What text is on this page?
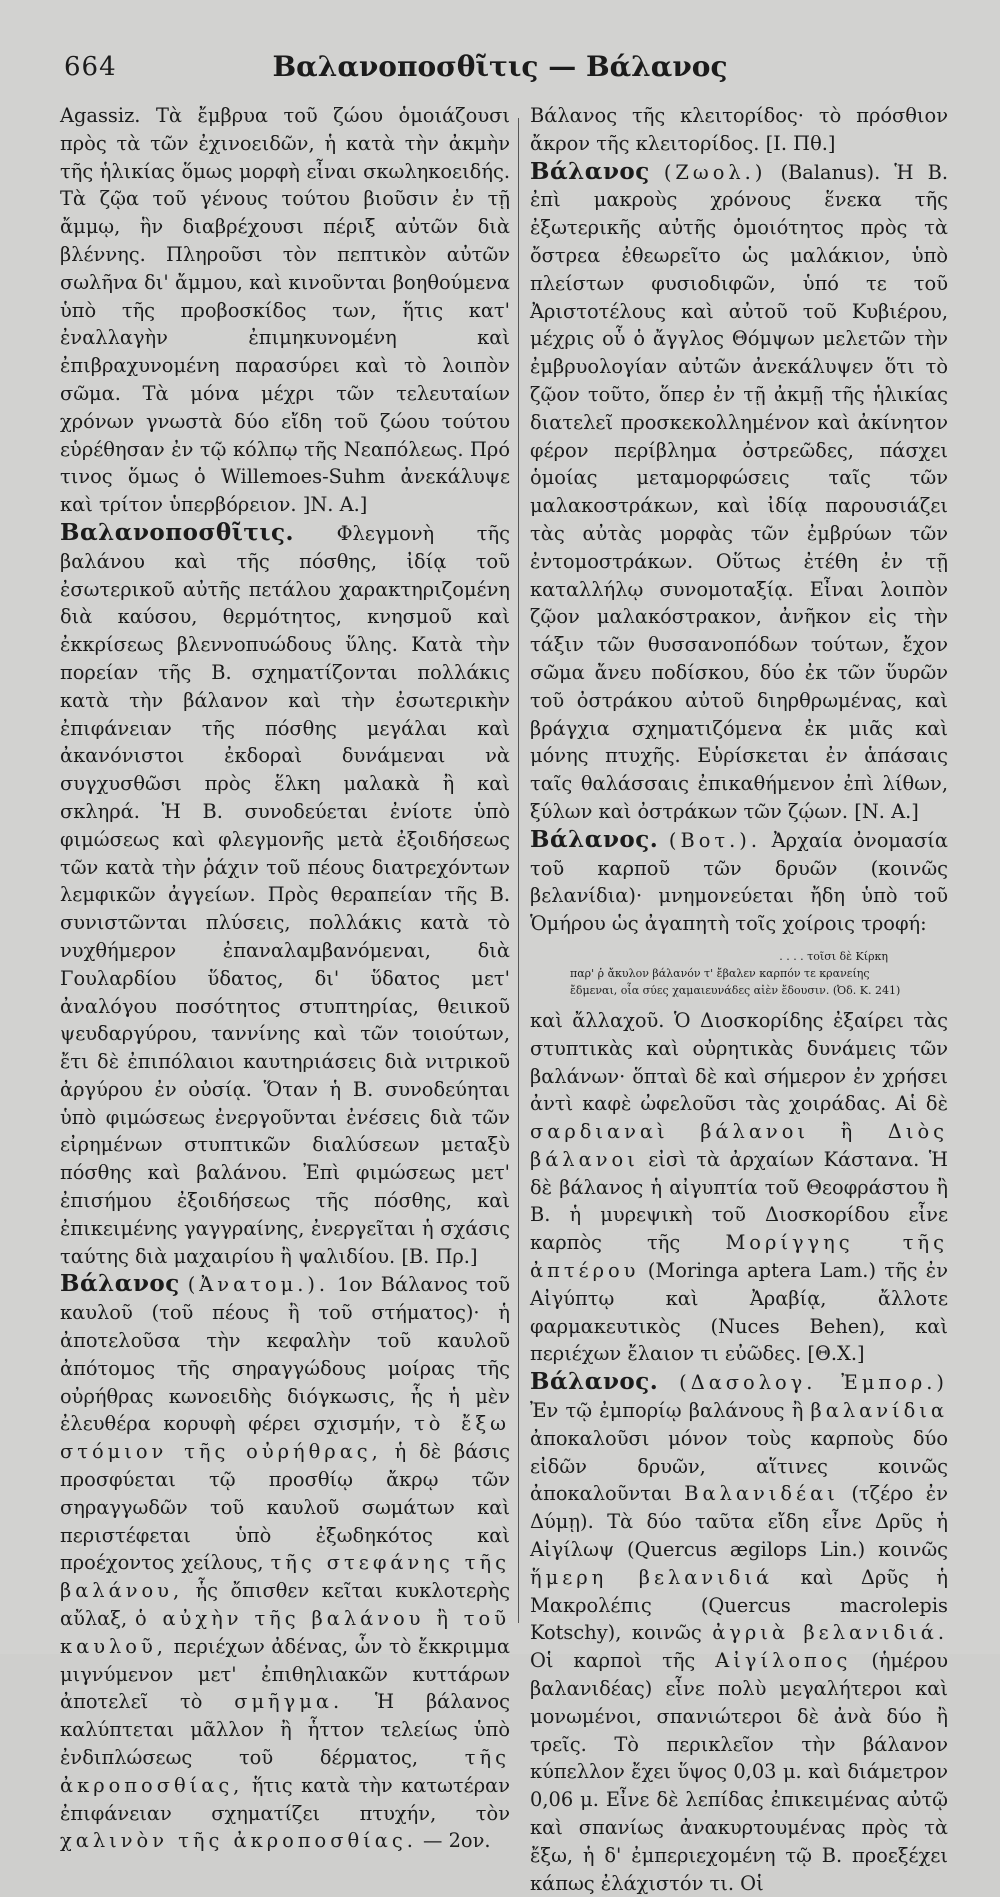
664	Βαλανοποσθῖτις — Βάλανος

Agassiz. Τὰ ἔμβρυα τοῦ ζώου ὁμοιάζουσι πρὸς τὰ τῶν ἐχινοειδῶν, ἡ κατὰ τὴν ἀκμὴν τῆς ἡλικίας ὅμως μορφὴ εἶναι σκωληκοειδής. Τὰ ζῷα τοῦ γένους τούτου βιοῦσιν ἐν τῇ ἄμμῳ, ἣν διαβρέχουσι πέριξ αὐτῶν διὰ βλέννης. Πληροῦσι τὸν πεπτικὸν αὐτῶν σωλῆνα δι' ἄμμου, καὶ κινοῦνται βοηθούμενα ὑπὸ τῆς προβοσκίδος των, ἥτις κατ' ἐναλλαγὴν ἐπιμηκυνομένη καὶ ἐπιβραχυνομένη παρασύρει καὶ τὸ λοιπὸν σῶμα. Τὰ μόνα μέχρι τῶν τελευταίων χρόνων γνωστὰ δύο εἴδη τοῦ ζώου τούτου εὑρέθησαν ἐν τῷ κόλπῳ τῆς Νεαπόλεως. Πρό τινος ὅμως ὁ Willemoes-Suhm ἀνεκάλυψε καὶ τρίτον ὑπερβόρειον. ]Ν. Α.]

Βαλανοποσθῖτις. Φλεγμονὴ τῆς βαλάνου καὶ τῆς πόσθης, ἰδίᾳ τοῦ ἐσωτερικοῦ αὐτῆς πετάλου χαρακτηριζομένη διὰ καύσου, θερμότητος, κνησμοῦ καὶ ἐκκρίσεως βλεννοπυώδους ὕλης. Κατὰ τὴν πορείαν τῆς Β. σχηματίζονται πολλάκις κατὰ τὴν βάλανον καὶ τὴν ἐσωτερικὴν ἐπιφάνειαν τῆς πόσθης μεγάλαι καὶ ἀκανόνιστοι ἐκδοραὶ δυνάμεναι νὰ συγχυσθῶσι πρὸς ἕλκη μαλακὰ ἢ καὶ σκληρά. Ἡ Β. συνοδεύεται ἐνίοτε ὑπὸ φιμώσεως καὶ φλεγμονῆς μετὰ ἐξοιδήσεως τῶν κατὰ τὴν ῥάχιν τοῦ πέους διατρεχόντων λεμφικῶν ἀγγείων. Πρὸς θεραπείαν τῆς Β. συνιστῶνται πλύσεις, πολλάκις κατὰ τὸ νυχθήμερον ἐπαναλαμβανόμεναι, διὰ Γουλαρδίου ὕδατος, δι' ὕδατος μετ' ἀναλόγου ποσότητος στυπτηρίας, θειικοῦ ψευδαργύρου, ταννίνης καὶ τῶν τοιούτων, ἔτι δὲ ἐπιπόλαιοι καυτηριάσεις διὰ νιτρικοῦ ἀργύρου ἐν οὐσίᾳ. Ὅταν ἡ Β. συνοδεύηται ὑπὸ φιμώσεως ἐνεργοῦνται ἐνέσεις διὰ τῶν εἰρημένων στυπτικῶν διαλύσεων μεταξὺ πόσθης καὶ βαλάνου. Ἐπὶ φιμώσεως μετ' ἐπισήμου ἐξοιδήσεως τῆς πόσθης, καὶ ἐπικειμένης γαγγραίνης, ἐνεργεῖται ἡ σχάσις ταύτης διὰ μαχαιρίου ἢ ψαλιδίου. [Β. Πρ.]

Βάλανος (Ἀνατομ.). 1ον Βάλανος τοῦ καυλοῦ (τοῦ πέους ἢ τοῦ στήματος)· ἡ ἀποτελοῦσα τὴν κεφαλὴν τοῦ καυλοῦ ἀπότομος τῆς σηραγγώδους μοίρας τῆς οὐρήθρας κωνοειδὴς διόγκωσις, ἧς ἡ μὲν ἐλευθέρα κορυφὴ φέρει σχισμήν, τὸ ἔξω στόμιον τῆς οὐρήθρας, ἡ δὲ βάσις προσφύεται τῷ προσθίῳ ἄκρῳ τῶν σηραγγωδῶν τοῦ καυλοῦ σωμάτων καὶ περιστέφεται ὑπὸ ἐξωδηκότος καὶ προέχοντος χείλους, τῆς στεφάνης τῆς βαλάνου, ἧς ὄπισθεν κεῖται κυκλοτερὴς αὔλαξ, ὁ αὐχὴν τῆς βαλάνου ἢ τοῦ καυλοῦ, περιέχων ἀδένας, ὧν τὸ ἔκκριμμα μιγνύμενον μετ' ἐπιθηλιακῶν κυττάρων ἀποτελεῖ τὸ σμῆγμα. Ἡ βάλανος καλύπτεται μᾶλλον ἢ ἧττον τελείως ὑπὸ ἐνδιπλώσεως τοῦ δέρματος, τῆς ἀκροποσθίας, ἥτις κατὰ τὴν κατωτέραν ἐπιφάνειαν σχηματίζει πτυχήν, τὸν χαλινὸν τῆς ἀκροποσθίας. — 2ον.

Βάλανος τῆς κλειτορίδος· τὸ πρόσθιον ἄκρον τῆς κλειτορίδος. [Ι. Πθ.]

Βάλανος (Ζωολ.) (Balanus). Ἡ Β. ἐπὶ μακροὺς χρόνους ἕνεκα τῆς ἐξωτερικῆς αὐτῆς ὁμοιότητος πρὸς τὰ ὄστρεα ἐθεωρεῖτο ὡς μαλάκιον, ὑπὸ πλείστων φυσιοδιφῶν, ὑπό τε τοῦ Ἀριστοτέλους καὶ αὐτοῦ τοῦ Κυβιέρου, μέχρις οὗ ὁ ἄγγλος Θόμψων μελετῶν τὴν ἐμβρυολογίαν αὐτῶν ἀνεκάλυψεν ὅτι τὸ ζῷον τοῦτο, ὅπερ ἐν τῇ ἀκμῇ τῆς ἡλικίας διατελεῖ προσκεκολλημένον καὶ ἀκίνητον φέρον περίβλημα ὀστρεῶδες, πάσχει ὁμοίας μεταμορφώσεις ταῖς τῶν μαλακοστράκων, καὶ ἰδίᾳ παρουσιάζει τὰς αὐτὰς μορφὰς τῶν ἐμβρύων τῶν ἐντομοστράκων. Οὕτως ἐτέθη ἐν τῇ καταλλήλῳ συνομοταξίᾳ. Εἶναι λοιπὸν ζῷον μαλακόστρακον, ἀνῆκον εἰς τὴν τάξιν τῶν θυσσανοπόδων τούτων, ἔχον σῶμα ἄνευ ποδίσκου, δύο ἐκ τῶν ὕυρῶν τοῦ ὀστράκου αὐτοῦ διηρθρωμένας, καὶ βράγχια σχηματιζόμενα ἐκ μιᾶς καὶ μόνης πτυχῆς. Εὑρίσκεται ἐν ἁπάσαις ταῖς θαλάσσαις ἐπικαθήμενον ἐπὶ λίθων, ξύλων καὶ ὀστράκων τῶν ζῴων. [Ν. Α.]

Βάλανος. (Βοτ.). Ἀρχαία ὀνομασία τοῦ καρποῦ τῶν δρυῶν (κοινῶς βελανίδια)· μνημονεύεται ἤδη ὑπὸ τοῦ Ὁμήρου ὡς ἀγαπητὴ τοῖς χοίροις τροφή:

. . . . τοῖσι δὲ Κίρκη
παρ' ῥ ἄκυλον βάλανόν τ' ἔβαλεν καρπόν τε κρανείης
ἔδμεναι, οἷα σύες χαμαιευνάδες αἰὲν ἔδουσιν. (Ὀδ. Κ. 241)

καὶ ἄλλαχοῦ. Ὁ Διοσκορίδης ἐξαίρει τὰς στυπτικὰς καὶ οὐρητικὰς δυνάμεις τῶν βαλάνων· ὅπταὶ δὲ καὶ σήμερον ἐν χρήσει ἀντὶ καφὲ ὠφελοῦσι τὰς χοιράδας. Αἱ δὲ σαρδιαναὶ βάλανοι ἢ Διὸς βάλανοι εἰσὶ τὰ ἀρχαίων Κάστανα. Ἡ δὲ βάλανος ἡ αἰγυπτία τοῦ Θεοφράστου ἢ Β. ἡ μυρεψικὴ τοῦ Διοσκορίδου εἶνε καρπὸς τῆς Μορίγγης τῆς ἀπτέρου (Moringa aptera Lam.) τῆς ἐν Αἰγύπτῳ καὶ Ἀραβίᾳ, ἄλλοτε φαρμακευτικὸς (Nuces Behen), καὶ περιέχων ἔλαιον τι εὐῶδες. [Θ.Χ.]

Βάλανος. (Δασολογ. Ἐμπορ.) Ἐν τῷ ἐμπορίῳ βαλάνους ἢ βαλανίδια ἀποκαλοῦσι μόνον τοὺς καρποὺς δύο εἰδῶν δρυῶν, αἵτινες κοινῶς ἀποκαλοῦνται Βαλανιδέαι (τζέρο ἐν Δύμῃ). Τὰ δύο ταῦτα εἴδη εἶνε Δρῦς ἡ Αἰγίλωψ (Quercus ægilops Lin.) κοινῶς ἥμερη βελανιδιά καὶ Δρῦς ἡ Μακρολέπις (Quercus macrolepis Kotschy), κοινῶς ἀγριὰ βελανιδιά. Οἱ καρποὶ τῆς Αἰγίλοπος (ἡμέρου βαλανιδέας) εἶνε πολὺ μεγαλήτεροι καὶ μονωμένοι, σπανιώτεροι δὲ ἀνὰ δύο ἢ τρεῖς. Τὸ περικλεῖον τὴν βάλανον κύπελλον ἔχει ὕψος 0,03 μ. καὶ διάμετρον 0,06 μ. Εἶνε δὲ λεπίδας ἐπικειμένας αὐτῷ καὶ σπανίως ἀνακυρτουμένας πρὸς τὰ ἔξω, ἡ δ' ἐμπεριεχομένη τῷ Β. προεξέχει κάπως ἐλάχιστόν τι. Οἱ
